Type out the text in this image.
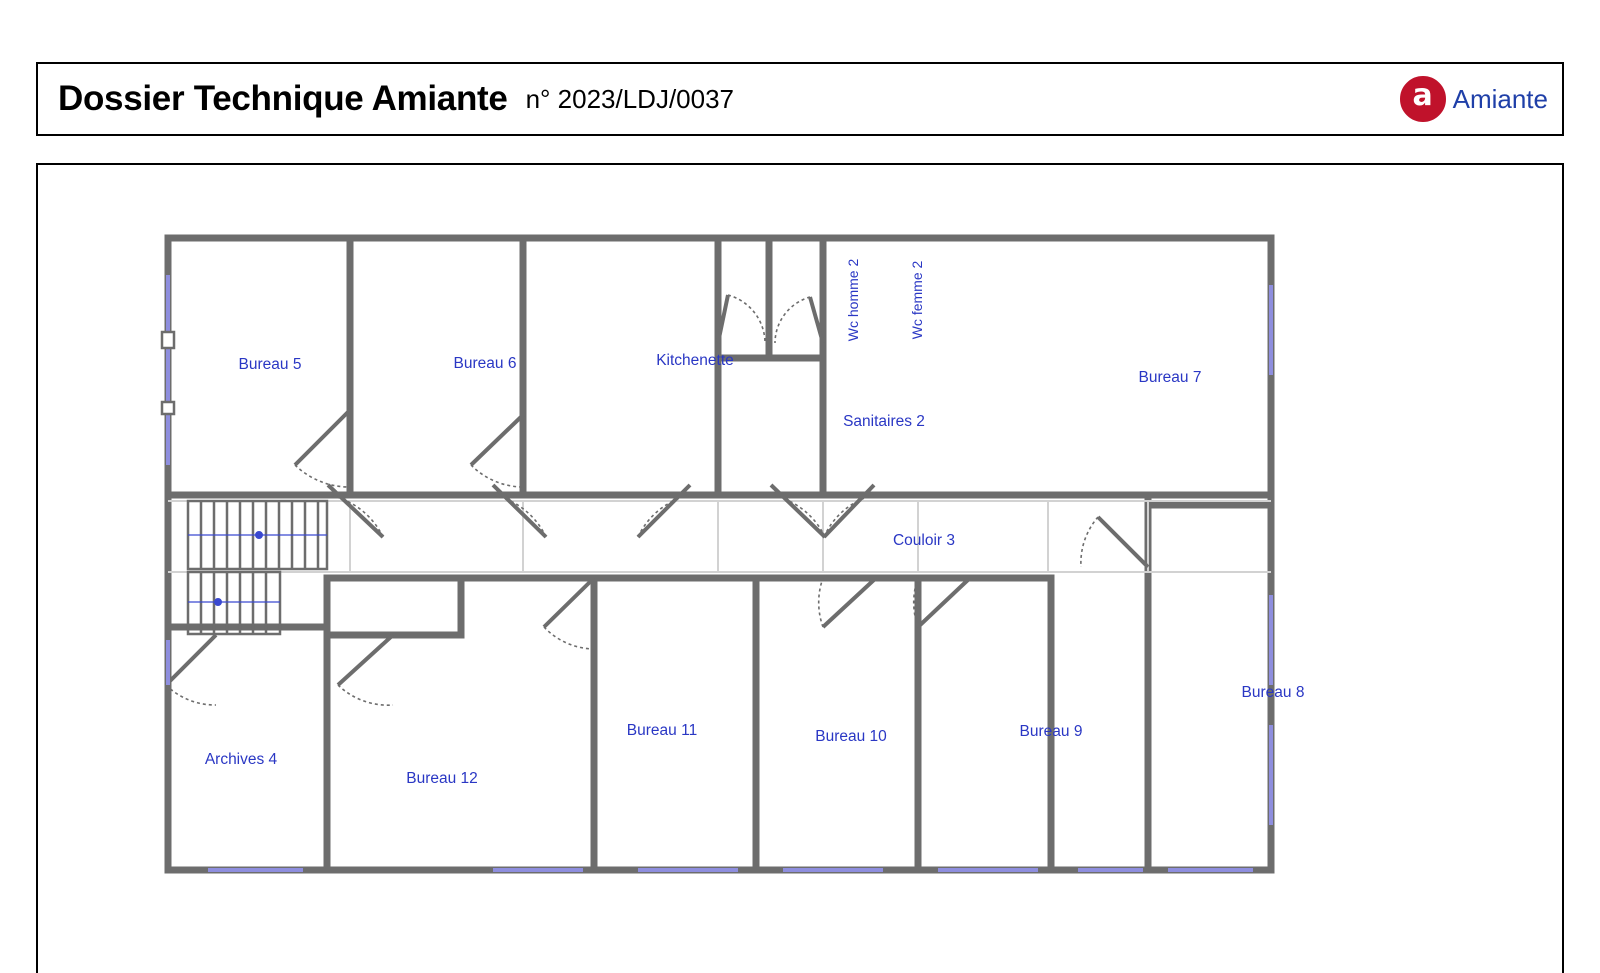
Dossier Technique Amiante n° 2023/LDJ/0037	a Amiante
Bureau 5	Bureau 6	Kitchenette
Wc homme 2	Wc femme 2
Sanitaires 2
Bureau 7
Couloir 3
Archives 4
Bureau 12
Bureau 11	Bureau 10	Bureau 9
Bureau 8
